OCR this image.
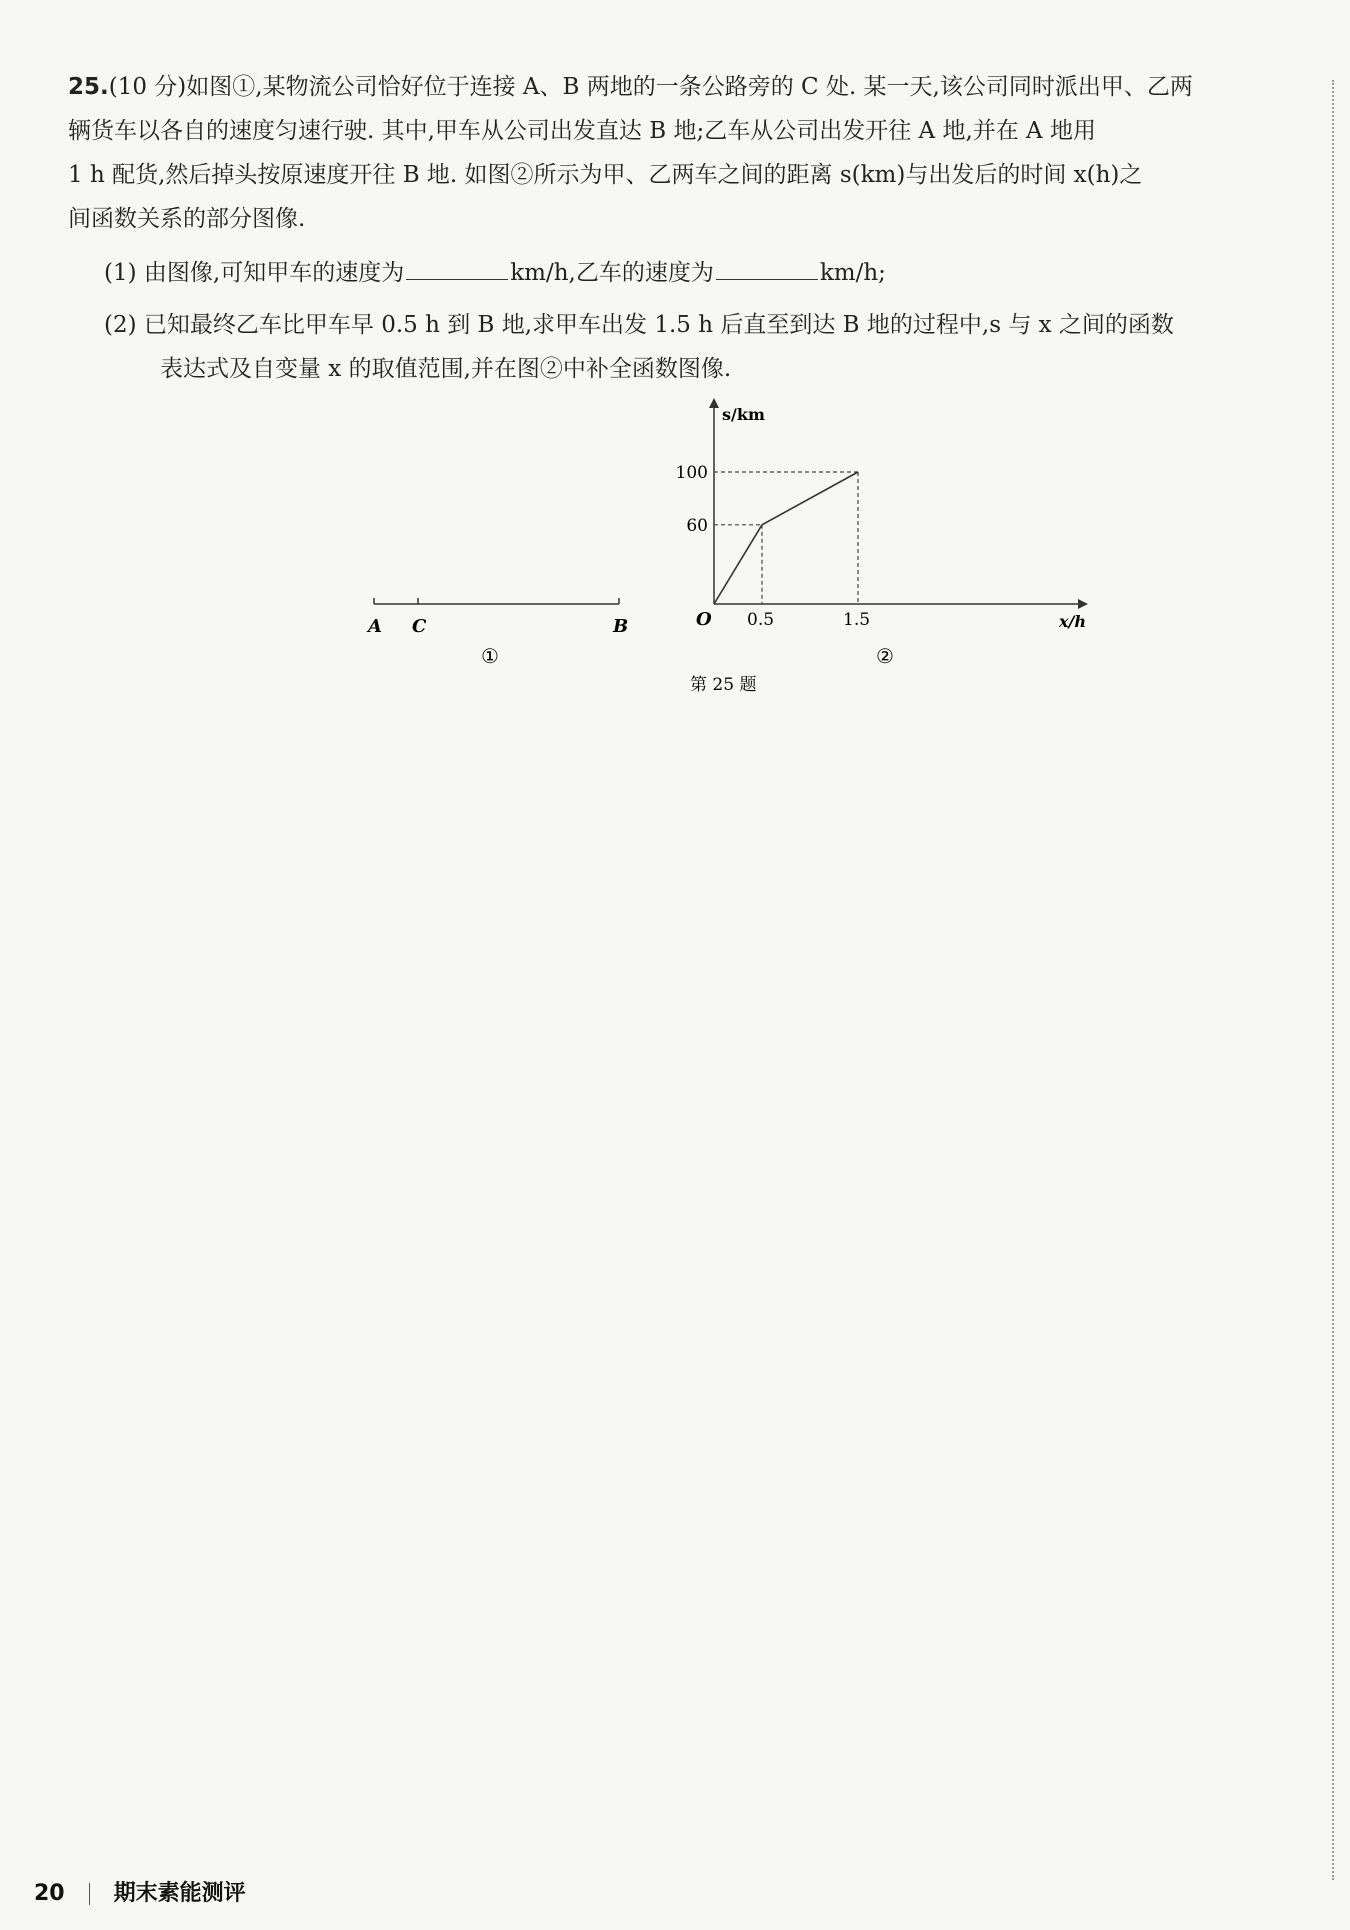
25.(10 分)如图①,某物流公司恰好位于连接 A、B 两地的一条公路旁的 C 处. 某一天,该公司同时派出甲、乙两
辆货车以各自的速度匀速行驶. 其中,甲车从公司出发直达 B 地;乙车从公司出发开往 A 地,并在 A 地用
1 h 配货,然后掉头按原速度开往 B 地. 如图②所示为甲、乙两车之间的距离 s(km)与出发后的时间 x(h)之
间函数关系的部分图像.
(1) 由图像,可知甲车的速度为	km/h,乙车的速度为	km/h;
(2) 已知最终乙车比甲车早 0.5 h 到 B 地,求甲车出发 1.5 h 后直至到达 B 地的过程中,s 与 x 之间的函数
表达式及自变量 x 的取值范围,并在图②中补全函数图像.
A C	B
①
s/km
x/h
O 0.5	1.5
100
60
②
第 25 题
20 期末素能测评
